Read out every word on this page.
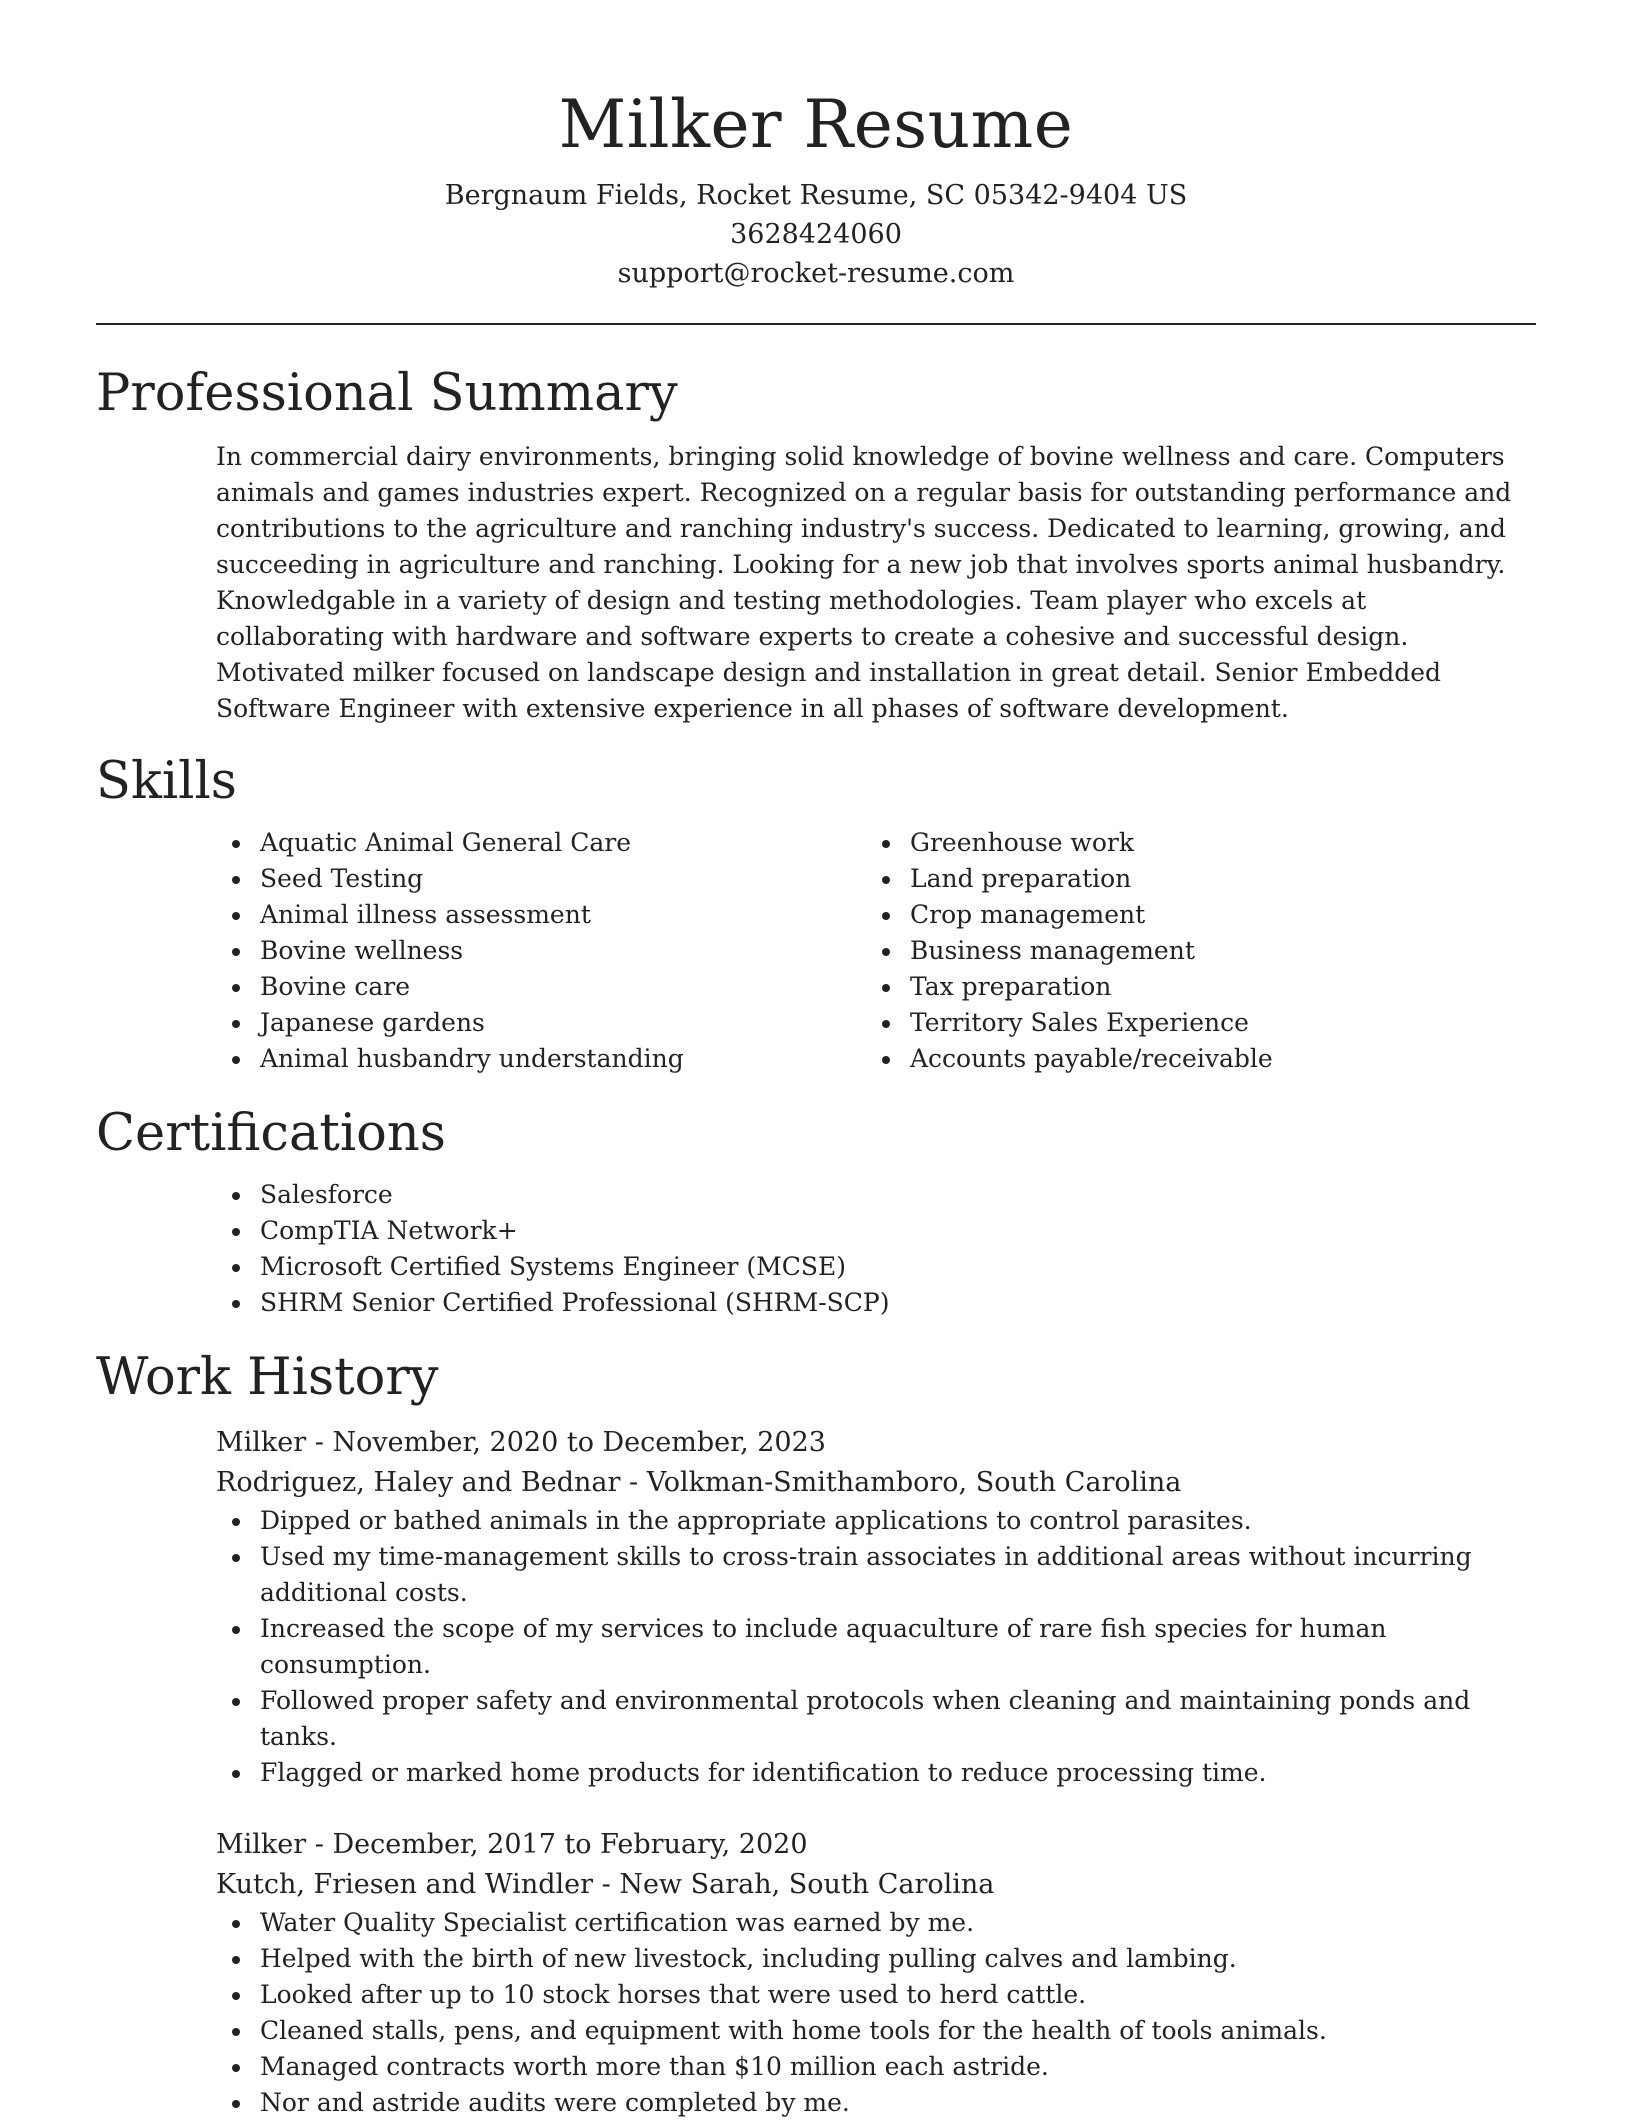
Milker Resume

Bergnaum Fields, Rocket Resume, SC 05342-9404 US

3628424060

support@rocket-resume.com

Professional Summary

In commercial dairy environments, bringing solid knowledge of bovine wellness and care. Computers animals and games industries expert. Recognized on a regular basis for outstanding performance and contributions to the agriculture and ranching industry's success. Dedicated to learning, growing, and succeeding in agriculture and ranching. Looking for a new job that involves sports animal husbandry. Knowledgable in a variety of design and testing methodologies. Team player who excels at collaborating with hardware and software experts to create a cohesive and successful design. Motivated milker focused on landscape design and installation in great detail. Senior Embedded Software Engineer with extensive experience in all phases of software development.

Skills
Aquatic Animal General Care
Seed Testing
Animal illness assessment
Bovine wellness
Bovine care
Japanese gardens
Animal husbandry understanding
Greenhouse work
Land preparation
Crop management
Business management
Tax preparation
Territory Sales Experience
Accounts payable/receivable
Certifications
Salesforce
CompTIA Network+
Microsoft Certified Systems Engineer (MCSE)
SHRM Senior Certified Professional (SHRM-SCP)
Work History

Milker - November, 2020 to December, 2023

Rodriguez, Haley and Bednar - Volkman-Smithamboro, South Carolina

Dipped or bathed animals in the appropriate applications to control parasites.
Used my time-management skills to cross-train associates in additional areas without incurring additional costs.
Increased the scope of my services to include aquaculture of rare fish species for human consumption.
Followed proper safety and environmental protocols when cleaning and maintaining ponds and tanks.
Flagged or marked home products for identification to reduce processing time.

Milker - December, 2017 to February, 2020

Kutch, Friesen and Windler - New Sarah, South Carolina

Water Quality Specialist certification was earned by me.
Helped with the birth of new livestock, including pulling calves and lambing.
Looked after up to 10 stock horses that were used to herd cattle.
Cleaned stalls, pens, and equipment with home tools for the health of tools animals.
Managed contracts worth more than $10 million each astride.
Nor and astride audits were completed by me.
